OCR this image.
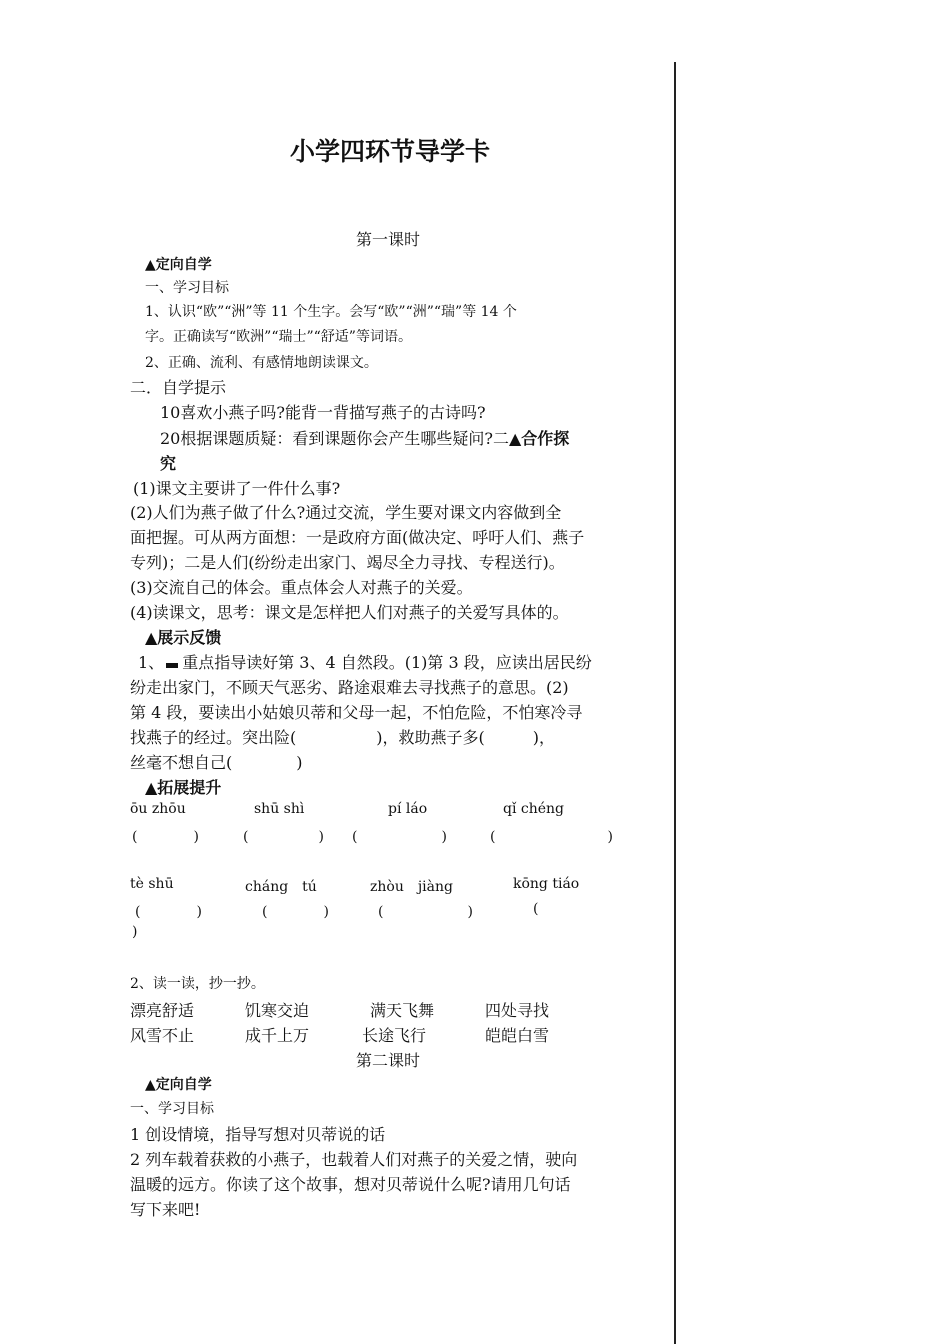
小学四环节导学卡
第一课时
▲定向自学
一、学习目标
1、认识“欧”“洲”等 11 个生字。会写“欧”“洲”“瑞”等 14 个
字。正确读写“欧洲”“瑞士”“舒适”等词语。
2、正确、流利、有感情地朗读课文。
二．自学提示
10喜欢小燕子吗?能背一背描写燕子的古诗吗?
20根据课题质疑：看到课题你会产生哪些疑问?二▲合作探
究
(1)课文主要讲了一件什么事?
(2)人们为燕子做了什么?通过交流，学生要对课文内容做到全
面把握。可从两方面想：一是政府方面(做决定、呼吁人们、燕子
专列)；二是人们(纷纷走出家门、竭尽全力寻找、专程送行)。
(3)交流自己的体会。重点体会人对燕子的关爱。
(4)读课文，思考：课文是怎样把人们对燕子的关爱写具体的。
▲展示反馈
1、 重点指导读好第 3、4 自然段。(1)第 3 段，应读出居民纷
纷走出家门，不顾天气恶劣、路途艰难去寻找燕子的意思。(2)
第 4 段，要读出小姑娘贝蒂和父母一起，不怕危险，不怕寒冷寻
找燕子的经过。突出险(　　　　　)，救助燕子多(　　　)，
丝毫不想自己(　　　　)
▲拓展提升
ōu zhōu	shū shì	pí láo	qǐ chéng
(　　　　)	(　　　　　) (　　　　　　)	(　　　　　　　　)
tè shū	cháng　tú	zhòu　jiàng	kōng tiáo
(　　　　)	(　　　　)	(　　　　　　)	(
)
2、读一读，抄一抄。
漂亮舒适	饥寒交迫	满天飞舞	四处寻找
风雪不止	成千上万	长途飞行	皑皑白雪
第二课时
▲定向自学
一、学习目标
1 创设情境，指导写想对贝蒂说的话
2 列车载着获救的小燕子，也载着人们对燕子的关爱之情，驶向
温暖的远方。你读了这个故事，想对贝蒂说什么呢?请用几句话
写下来吧!
